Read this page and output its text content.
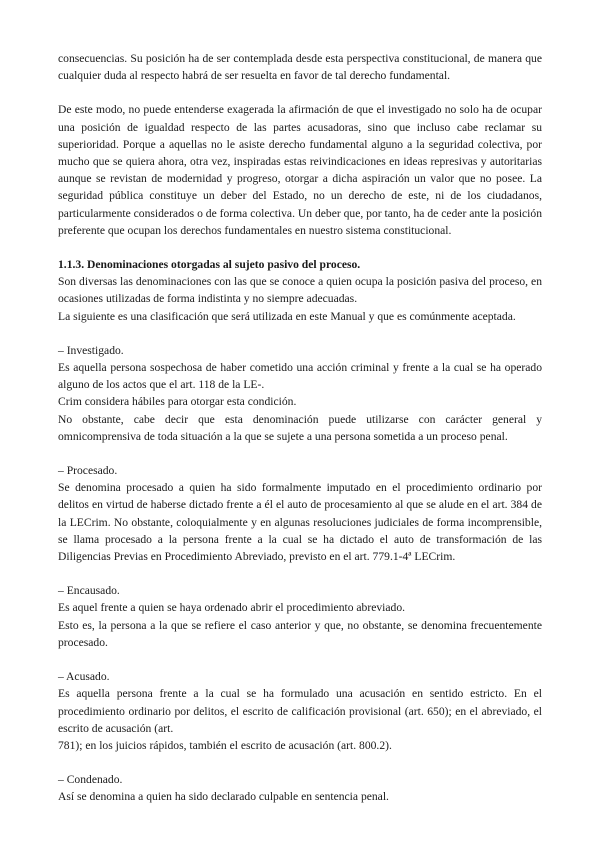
consecuencias. Su posición ha de ser contemplada desde esta perspectiva constitucional, de manera que cualquier duda al respecto habrá de ser resuelta en favor de tal derecho fundamental.

De este modo, no puede entenderse exagerada la afirmación de que el investigado no solo ha de ocupar una posición de igualdad respecto de las partes acusadoras, sino que incluso cabe reclamar su superioridad. Porque a aquellas no le asiste derecho fundamental alguno a la seguridad colectiva, por mucho que se quiera ahora, otra vez, inspiradas estas reivindicaciones en ideas represivas y autoritarias aunque se revistan de modernidad y progreso, otorgar a dicha aspiración un valor que no posee. La seguridad pública constituye un deber del Estado, no un derecho de este, ni de los ciudadanos, particularmente considerados o de forma colectiva. Un deber que, por tanto, ha de ceder ante la posición preferente que ocupan los derechos fundamentales en nuestro sistema constitucional.

1.1.3. Denominaciones otorgadas al sujeto pasivo del proceso.

Son diversas las denominaciones con las que se conoce a quien ocupa la posición pasiva del proceso, en ocasiones utilizadas de forma indistinta y no siempre adecuadas.

La siguiente es una clasificación que será utilizada en este Manual y que es comúnmente aceptada.

– Investigado.

Es aquella persona sospechosa de haber cometido una acción criminal y frente a la cual se ha operado alguno de los actos que el art. 118 de la LE-.

Crim considera hábiles para otorgar esta condición.

No obstante, cabe decir que esta denominación puede utilizarse con carácter general y omnicomprensiva de toda situación a la que se sujete a una persona sometida a un proceso penal.

– Procesado.

Se denomina procesado a quien ha sido formalmente imputado en el procedimiento ordinario por delitos en virtud de haberse dictado frente a él el auto de procesamiento al que se alude en el art. 384 de la LECrim. No obstante, coloquialmente y en algunas resoluciones judiciales de forma incomprensible, se llama procesado a la persona frente a la cual se ha dictado el auto de transformación de las Diligencias Previas en Procedimiento Abreviado, previsto en el art. 779.1-4ª LECrim.

– Encausado.

Es aquel frente a quien se haya ordenado abrir el procedimiento abreviado.

Esto es, la persona a la que se refiere el caso anterior y que, no obstante, se denomina frecuentemente procesado.

– Acusado.

Es aquella persona frente a la cual se ha formulado una acusación en sentido estricto. En el procedimiento ordinario por delitos, el escrito de calificación provisional (art. 650); en el abreviado, el escrito de acusación (art.

781); en los juicios rápidos, también el escrito de acusación (art. 800.2).

– Condenado.

Así se denomina a quien ha sido declarado culpable en sentencia penal.
